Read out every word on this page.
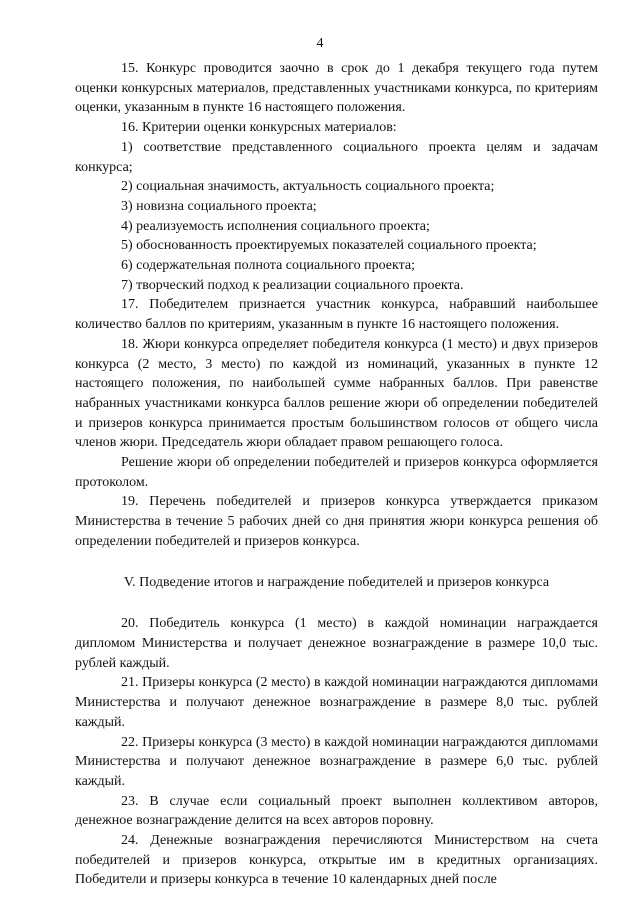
4

15. Конкурс проводится заочно в срок до 1 декабря текущего года путем оценки конкурсных материалов, представленных участниками конкурса, по критериям оценки, указанным в пункте 16 настоящего положения.

16. Критерии оценки конкурсных материалов:

1) соответствие представленного социального проекта целям и задачам конкурса;

2) социальная значимость, актуальность социального проекта;

3) новизна социального проекта;

4) реализуемость исполнения социального проекта;

5) обоснованность проектируемых показателей социального проекта;

6) содержательная полнота социального проекта;

7) творческий подход к реализации социального проекта.

17. Победителем признается участник конкурса, набравший наибольшее количество баллов по критериям, указанным в пункте 16 настоящего положения.

18. Жюри конкурса определяет победителя конкурса (1 место) и двух призеров конкурса (2 место, 3 место) по каждой из номинаций, указанных в пункте 12 настоящего положения, по наибольшей сумме набранных баллов. При равенстве набранных участниками конкурса баллов решение жюри об определении победителей и призеров конкурса принимается простым большинством голосов от общего числа членов жюри. Председатель жюри обладает правом решающего голоса.

Решение жюри об определении победителей и призеров конкурса оформляется протоколом.

19. Перечень победителей и призеров конкурса утверждается приказом Министерства в течение 5 рабочих дней со дня принятия жюри конкурса решения об определении победителей и призеров конкурса.

V. Подведение итогов и награждение победителей и призеров конкурса

20. Победитель конкурса (1 место) в каждой номинации награждается дипломом Министерства и получает денежное вознаграждение в размере 10,0 тыс. рублей каждый.

21. Призеры конкурса (2 место) в каждой номинации награждаются дипломами Министерства и получают денежное вознаграждение в размере 8,0 тыс. рублей каждый.

22. Призеры конкурса (3 место) в каждой номинации награждаются дипломами Министерства и получают денежное вознаграждение в размере 6,0 тыс. рублей каждый.

23. В случае если социальный проект выполнен коллективом авторов, денежное вознаграждение делится на всех авторов поровну.

24. Денежные вознаграждения перечисляются Министерством на счета победителей и призеров конкурса, открытые им в кредитных организациях. Победители и призеры конкурса в течение 10 календарных дней после
